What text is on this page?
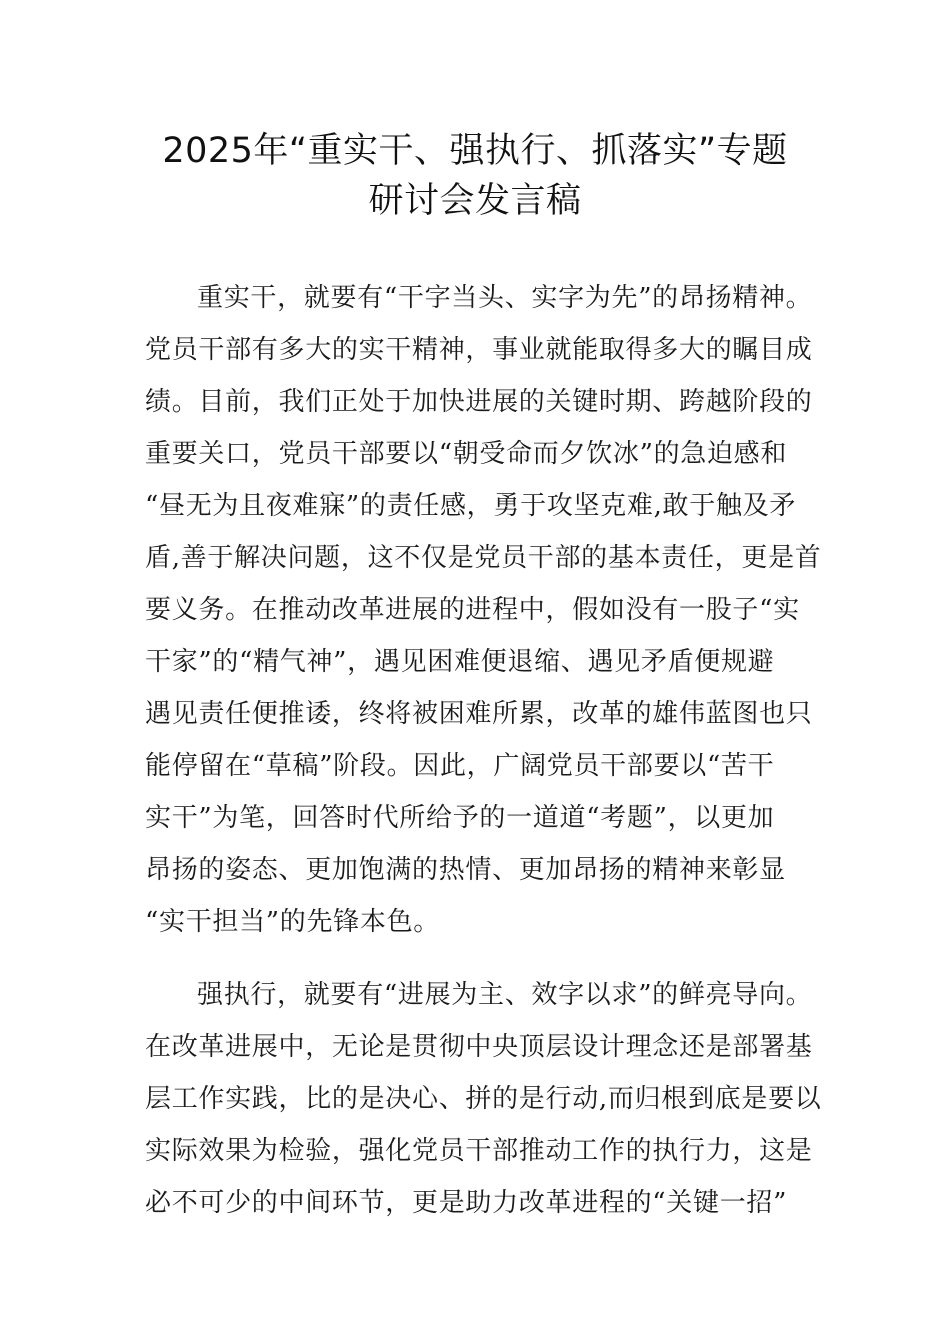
2025年“重实干、强执行、抓落实”专题
研讨会发言稿
重实干，就要有“干字当头、实字为先”的昂扬精神。
党员干部有多大的实干精神，事业就能取得多大的瞩目成
绩。目前，我们正处于加快进展的关键时期、跨越阶段的
重要关口，党员干部要以“朝受命而夕饮冰”的急迫感和
“昼无为且夜难寐”的责任感，勇于攻坚克难,敢于触及矛
盾,善于解决问题，这不仅是党员干部的基本责任，更是首
要义务。在推动改革进展的进程中，假如没有一股子“实
干家”的“精气神”，遇见困难便退缩、遇见矛盾便规避
遇见责任便推诿，终将被困难所累，改革的雄伟蓝图也只
能停留在“草稿”阶段。因此，广阔党员干部要以“苦干
实干”为笔，回答时代所给予的一道道“考题”，以更加
昂扬的姿态、更加饱满的热情、更加昂扬的精神来彰显
“实干担当”的先锋本色。
强执行，就要有“进展为主、效字以求”的鲜亮导向。
在改革进展中，无论是贯彻中央顶层设计理念还是部署基
层工作实践，比的是决心、拼的是行动,而归根到底是要以
实际效果为检验，强化党员干部推动工作的执行力，这是
必不可少的中间环节，更是助力改革进程的“关键一招”
